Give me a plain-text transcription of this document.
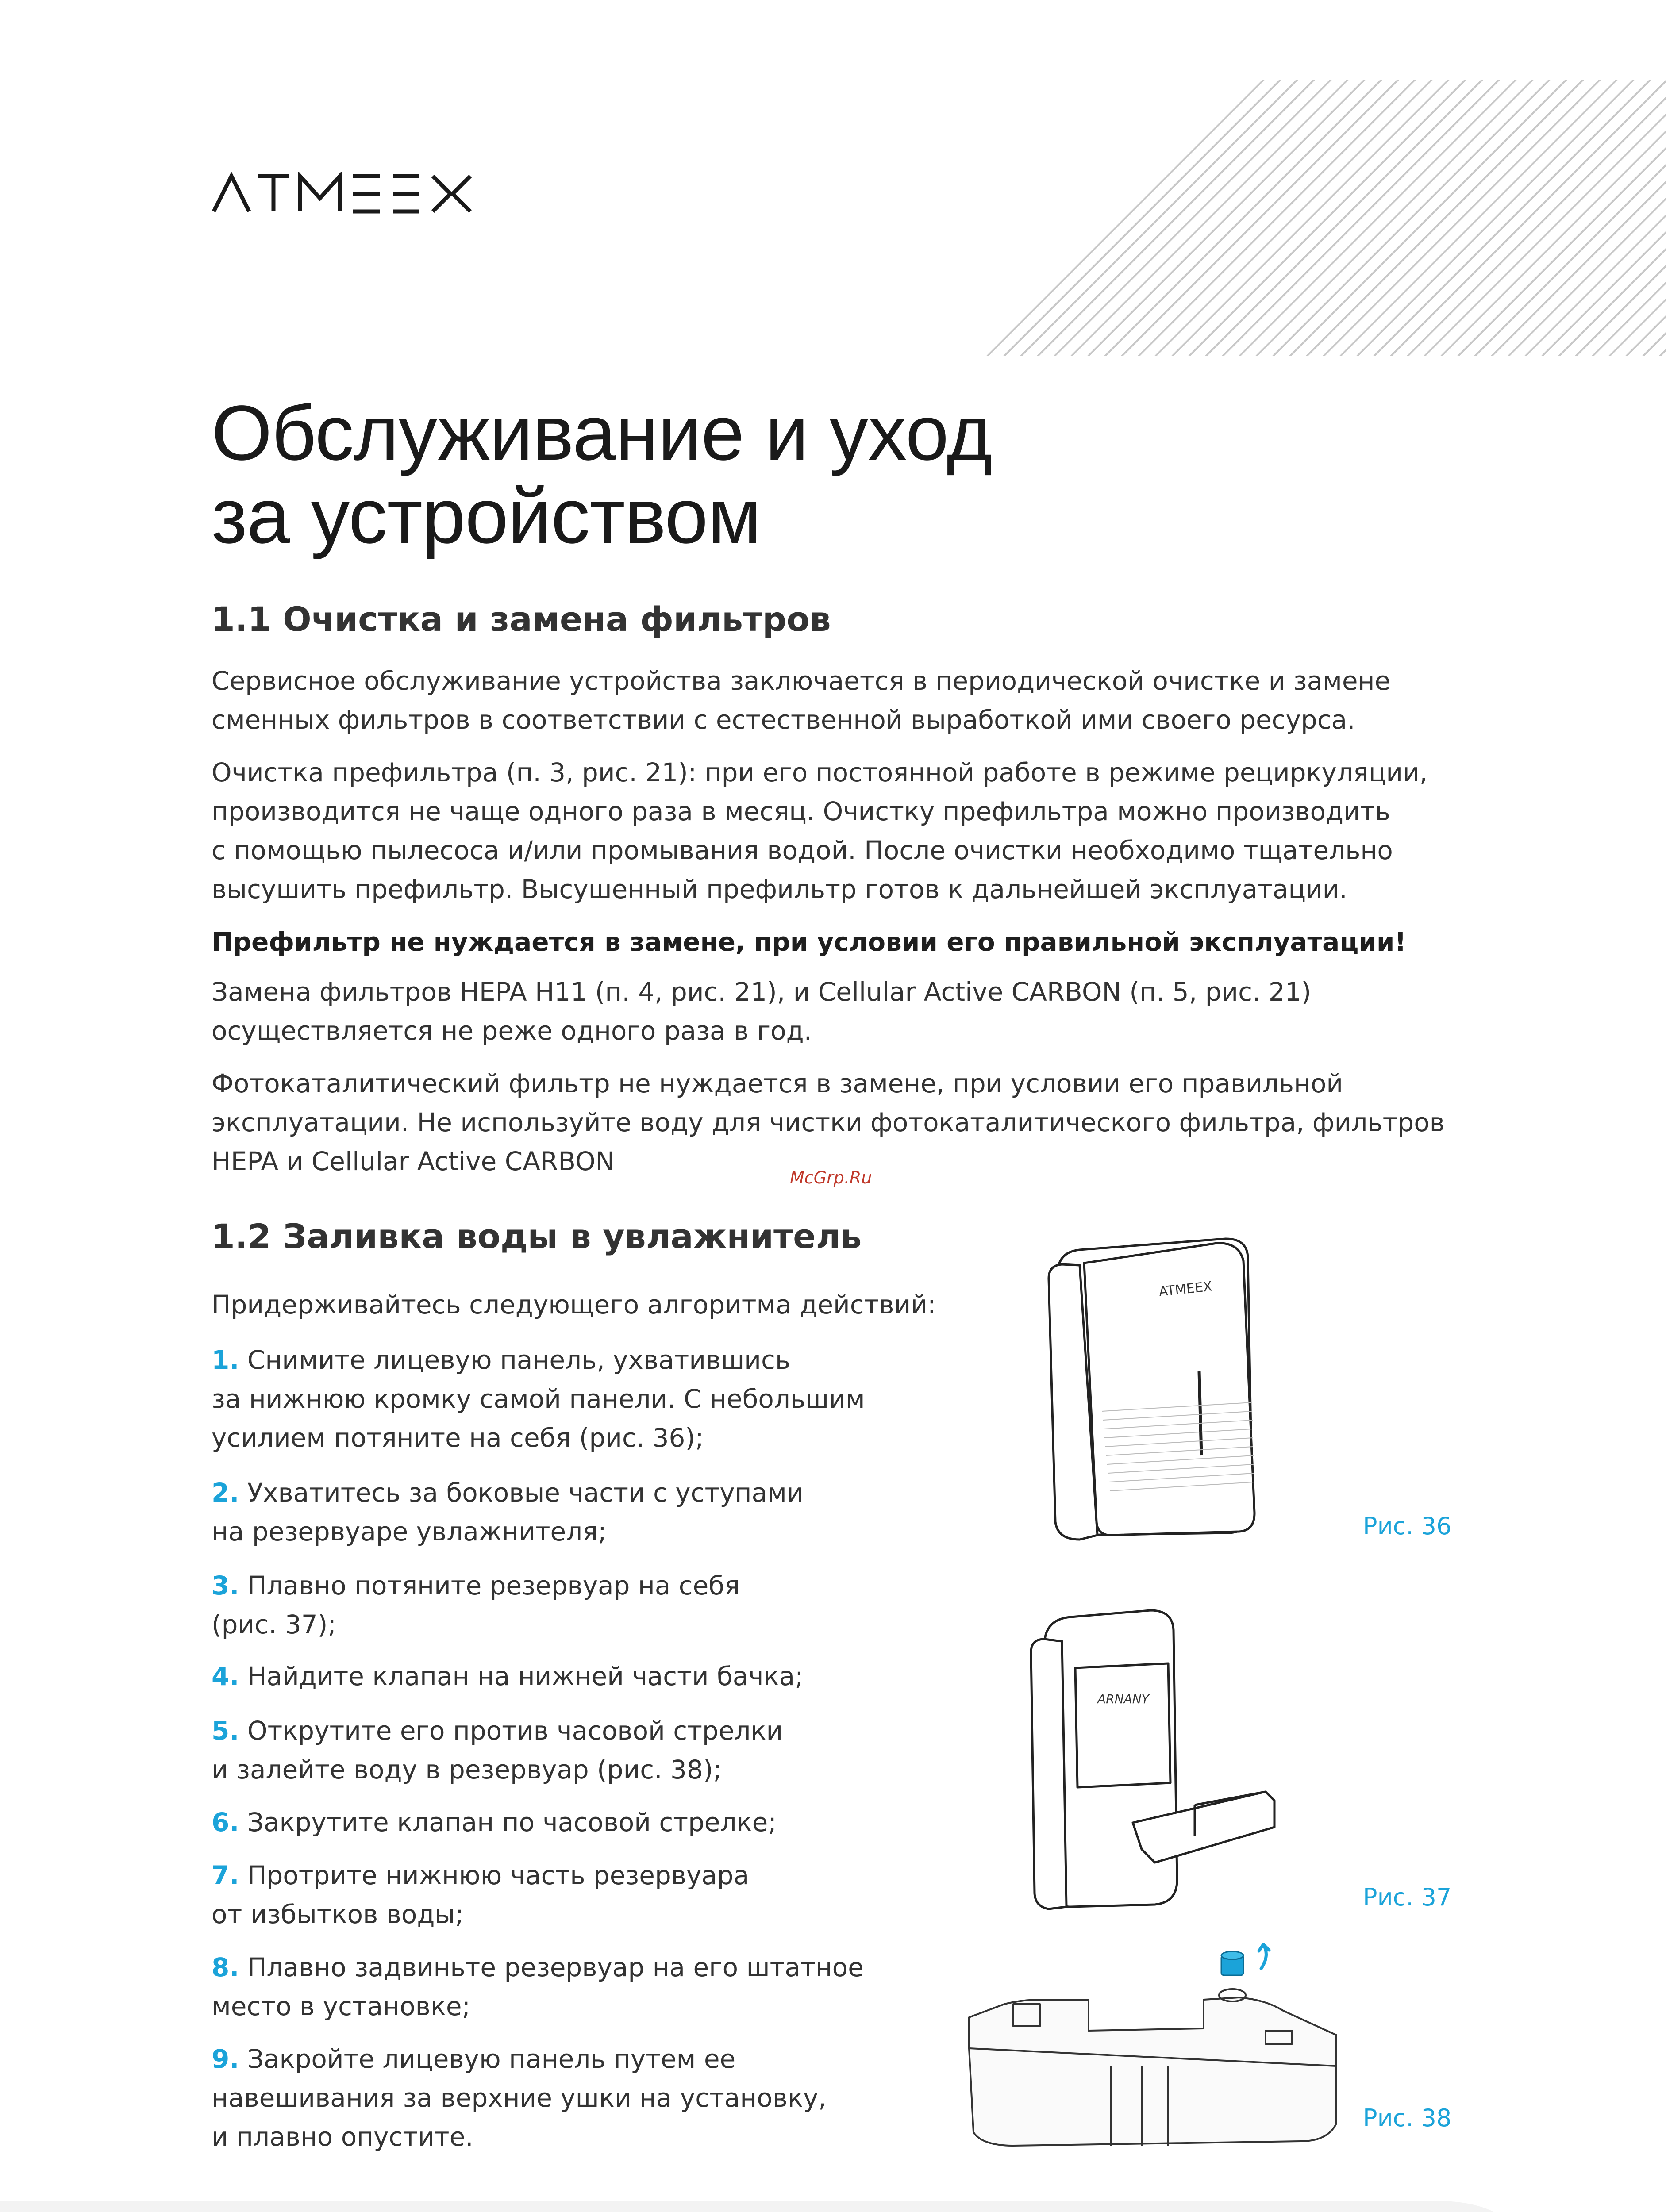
Обслуживание и уход
за устройством
1.1 Очистка и замена фильтров

Сервисное обслуживание устройства заключается в периодической очистке и замене
сменных фильтров в соответствии с естественной выработкой ими своего ресурса.

Очистка префильтра (п. 3, рис. 21): при его постоянной работе в режиме рециркуляции,
производится не чаще одного раза в месяц. Очистку префильтра можно производить
с помощью пылесоса и/или промывания водой. После очистки необходимо тщательно
высушить префильтр. Высушенный префильтр готов к дальнейшей эксплуатации.

Префильтр не нуждается в замене, при условии его правильной эксплуатации!

Замена фильтров HEPA H11 (п. 4, рис. 21), и Cellular Active CARBON (п. 5, рис. 21)
осуществляется не реже одного раза в год.

Фотокаталитический фильтр не нуждается в замене, при условии его правильной
эксплуатации. Не используйте воду для чистки фотокаталитического фильтра, фильтров
HEPA и Cellular Active CARBON

McGrp.Ru
1.2 Заливка воды в увлажнитель

Придерживайтесь следующего алгоритма действий:

1. Снимите лицевую панель, ухватившись
за нижнюю кромку самой панели. С небольшим
усилием потяните на себя (рис. 36);

2. Ухватитесь за боковые части с уступами
на резервуаре увлажнителя;

3. Плавно потяните резервуар на себя
(рис. 37);

4. Найдите клапан на нижней части бачка;

5. Открутите его против часовой стрелки
и залейте воду в резервуар (рис. 38);

6. Закрутите клапан по часовой стрелке;

7. Протрите нижнюю часть резервуара
от избытков воды;

8. Плавно задвиньте резервуар на его штатное
место в установке;

9. Закройте лицевую панель путем ее
навешивания за верхние ушки на установку,
и плавно опустите.

ATMEEX
ARNANY
Рис. 36
Рис. 37
Рис. 38
